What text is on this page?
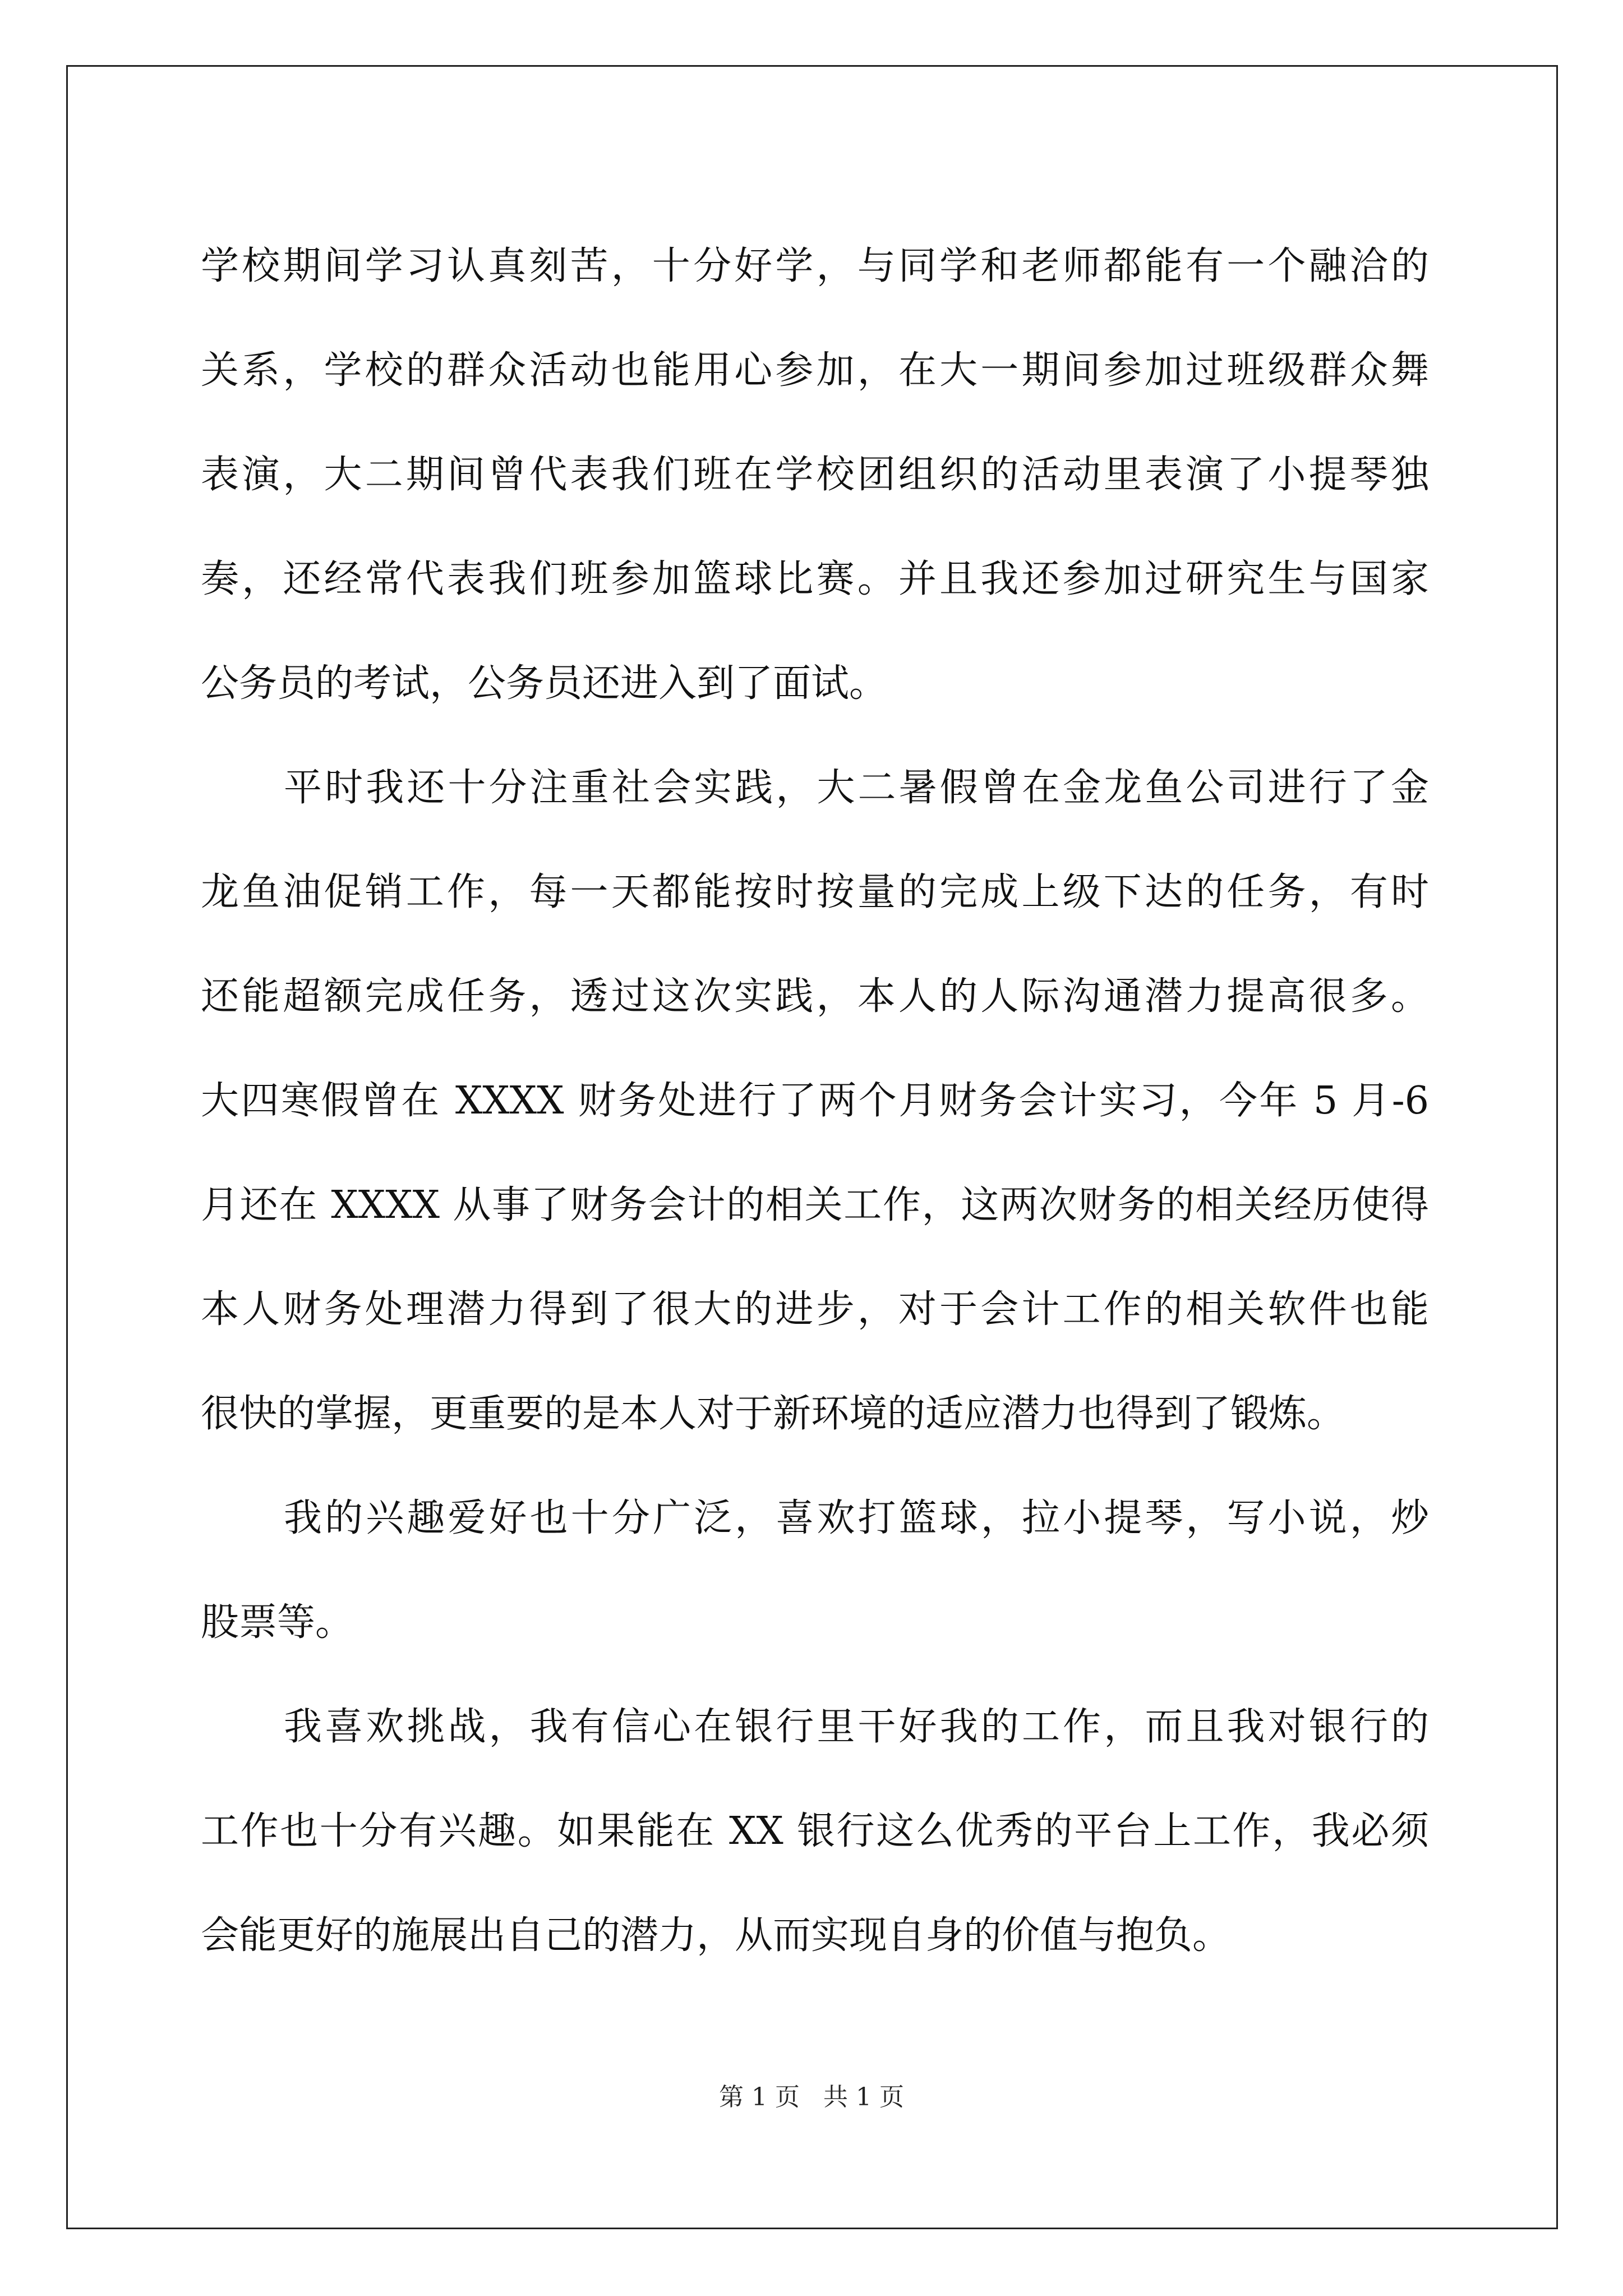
学校期间学习认真刻苦，十分好学，与同学和老师都能有一个融洽的
关系，学校的群众活动也能用心参加，在大一期间参加过班级群众舞
表演，大二期间曾代表我们班在学校团组织的活动里表演了小提琴独
奏，还经常代表我们班参加篮球比赛。并且我还参加过研究生与国家
公务员的考试，公务员还进入到了面试。
平时我还十分注重社会实践，大二暑假曾在金龙鱼公司进行了金
龙鱼油促销工作，每一天都能按时按量的完成上级下达的任务，有时
还能超额完成任务，透过这次实践，本人的人际沟通潜力提高很多。
大四寒假曾在 XXXX 财务处进行了两个月财务会计实习，今年 5 月-6
月还在 XXXX 从事了财务会计的相关工作，这两次财务的相关经历使得
本人财务处理潜力得到了很大的进步，对于会计工作的相关软件也能
很快的掌握，更重要的是本人对于新环境的适应潜力也得到了锻炼。
我的兴趣爱好也十分广泛，喜欢打篮球，拉小提琴，写小说，炒
股票等。
我喜欢挑战，我有信心在银行里干好我的工作，而且我对银行的
工作也十分有兴趣。如果能在 XX 银行这么优秀的平台上工作，我必须
会能更好的施展出自己的潜力，从而实现自身的价值与抱负。
第 1 页   共 1 页
